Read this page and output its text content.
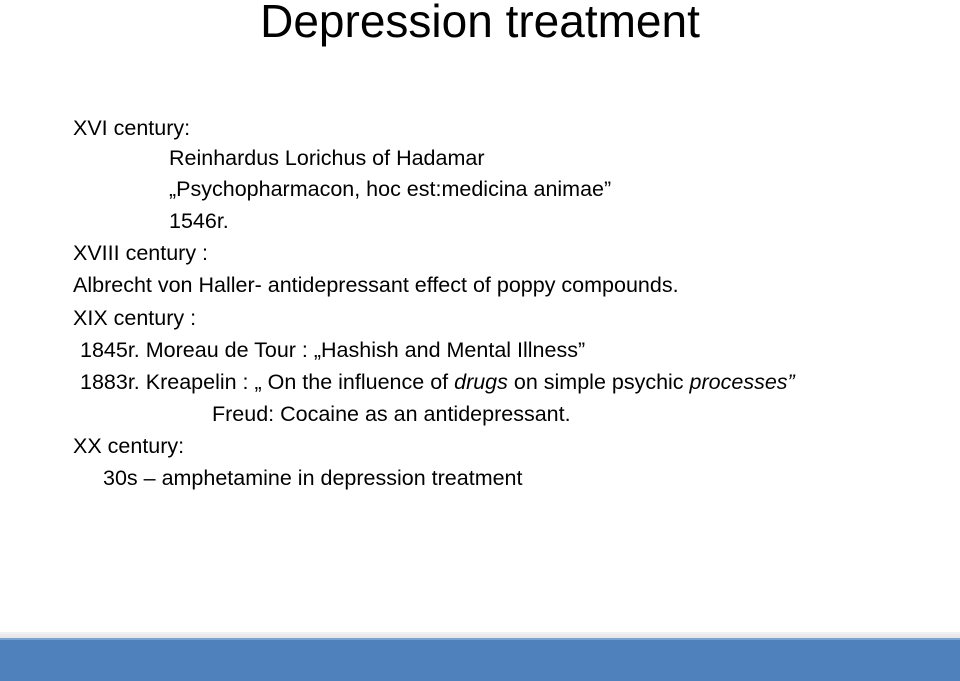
Depression treatment
XVI century:
Reinhardus Lorichus of Hadamar
„Psychopharmacon, hoc est:medicina animae”
1546r.
XVIII century :
Albrecht von Haller- antidepressant effect of poppy compounds.
XIX century :
1845r. Moreau de Tour : „Hashish and Mental Illness”
1883r. Kreapelin : „ On the influence of drugs on simple psychic processes”
Freud: Cocaine as an antidepressant.
XX century:
30s – amphetamine in depression treatment
